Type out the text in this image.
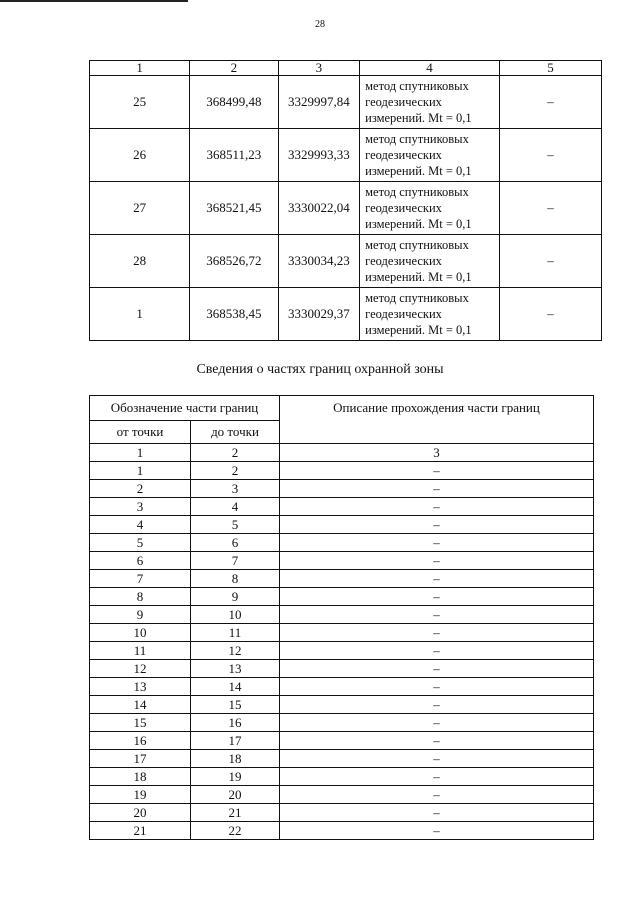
28
1	2	3	4	5
25	368499,48	3329997,84	метод спутниковых
геодезических
измерений. Mt = 0,1	–
26	368511,23	3329993,33	метод спутниковых
геодезических
измерений. Mt = 0,1	–
27	368521,45	3330022,04	метод спутниковых
геодезических
измерений. Mt = 0,1	–
28	368526,72	3330034,23	метод спутниковых
геодезических
измерений. Mt = 0,1	–
1	368538,45	3330029,37	метод спутниковых
геодезических
измерений. Mt = 0,1	–
Сведения о частях границ охранной зоны
Обозначение части границ		Описание прохождения части границ
от точки	до точки	
1	2	3
1	2	–
2	3	–
3	4	–
4	5	–
5	6	–
6	7	–
7	8	–
8	9	–
9	10	–
10	11	–
11	12	–
12	13	–
13	14	–
14	15	–
15	16	–
16	17	–
17	18	–
18	19	–
19	20	–
20	21	–
21	22	–
